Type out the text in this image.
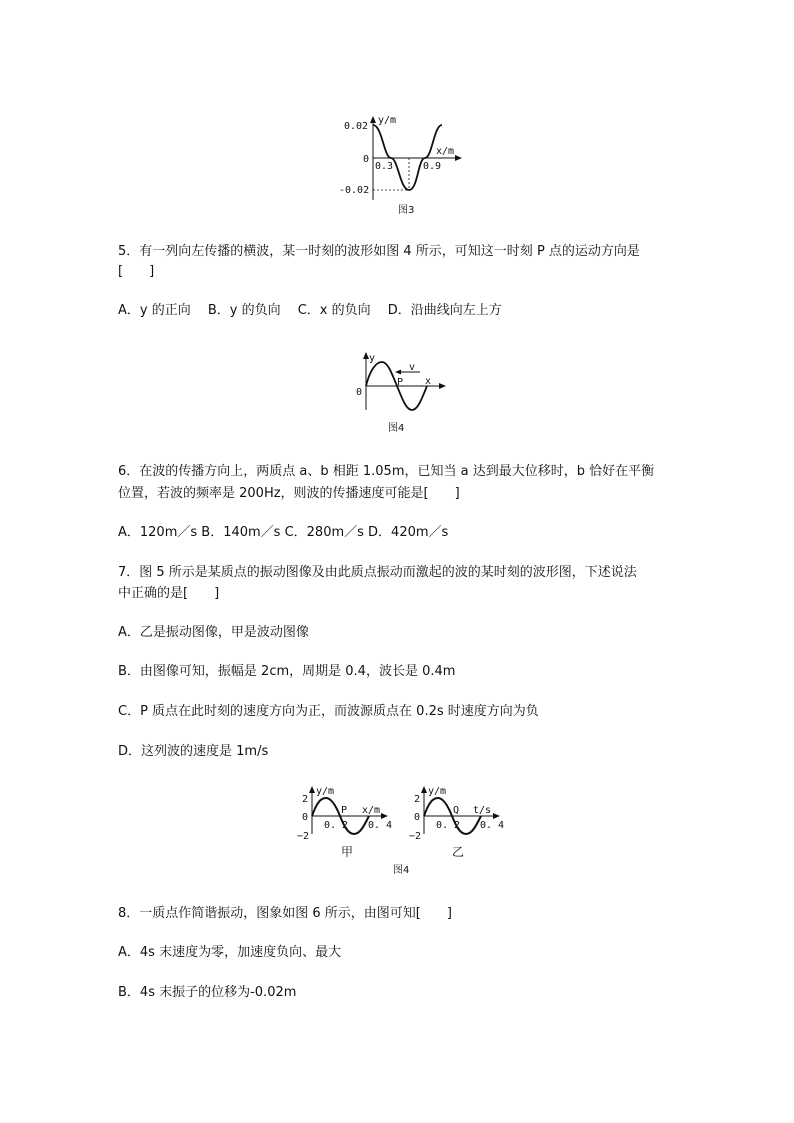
y/m
x/m
0.02
0
-0.02
0.3	0.9
图3
5．有一列向左传播的横波，某一时刻的波形如图 4 所示，可知这一时刻 P 点的运动方向是
[　　]
A．y 的正向　 B．y 的负向　 C．x 的负向　 D．沿曲线向左上方
y
0
x
v
P
图4
6．在波的传播方向上，两质点 a、b 相距 1.05m，已知当 a 达到最大位移时，b 恰好在平衡
位置，若波的频率是 200Hz，则波的传播速度可能是[　　]
A．120m／s B．140m／s C．280m／s D．420m／s
7．图 5 所示是某质点的振动图像及由此质点振动而激起的波的某时刻的波形图，下述说法
中正确的是[　　]
A．乙是振动图像，甲是波动图像
B．由图像可知，振幅是 2cm，周期是 0.4，波长是 0.4m
C．P 质点在此时刻的速度方向为正，而波源质点在 0.2s 时速度方向为负
D．这列波的速度是 1m/s
y/m
x/m
2
0
−2
0. 2 0. 4
P
甲
y/m
t/s
2
0
−2
0. 2 0. 4
Q
乙
图4
8．一质点作简谐振动，图象如图 6 所示，由图可知[　　]
A．4s 末速度为零，加速度负向、最大
B．4s 末振子的位移为-0.02m
